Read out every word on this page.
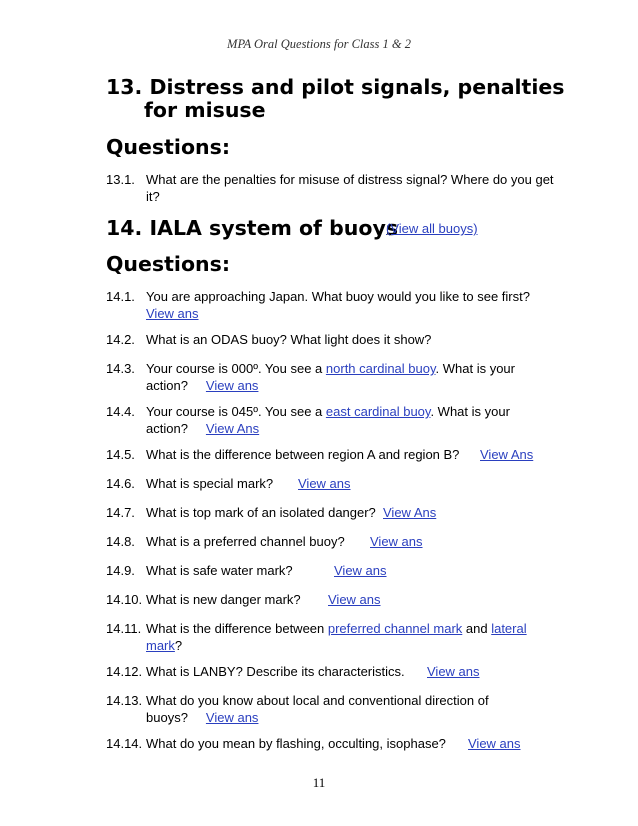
MPA Oral Questions for Class 1 & 2
13. Distress and pilot signals, penalties
for misuse
Questions:
13.1. What are the penalties for misuse of distress signal? Where do you get
it?
14. IALA system of buoys
(View all buoys)
Questions:
14.1. You are approaching Japan. What buoy would you like to see first?
View ans
14.2. What is an ODAS buoy? What light does it show?
14.3. Your course is 000º. You see a north cardinal buoy. What is your
action? View ans
14.4. Your course is 045º. You see a east cardinal buoy. What is your
action? View Ans
14.5. What is the difference between region A and region B? View Ans
14.6. What is special mark? View ans
14.7. What is top mark of an isolated danger? View Ans
14.8. What is a preferred channel buoy? View ans
14.9. What is safe water mark?	View ans
14.10. What is new danger mark? View ans
14.11. What is the difference between preferred channel mark and lateral
mark?
14.12. What is LANBY? Describe its characteristics. View ans
14.13. What do you know about local and conventional direction of
buoys? View ans
14.14. What do you mean by flashing, occulting, isophase? View ans
11
